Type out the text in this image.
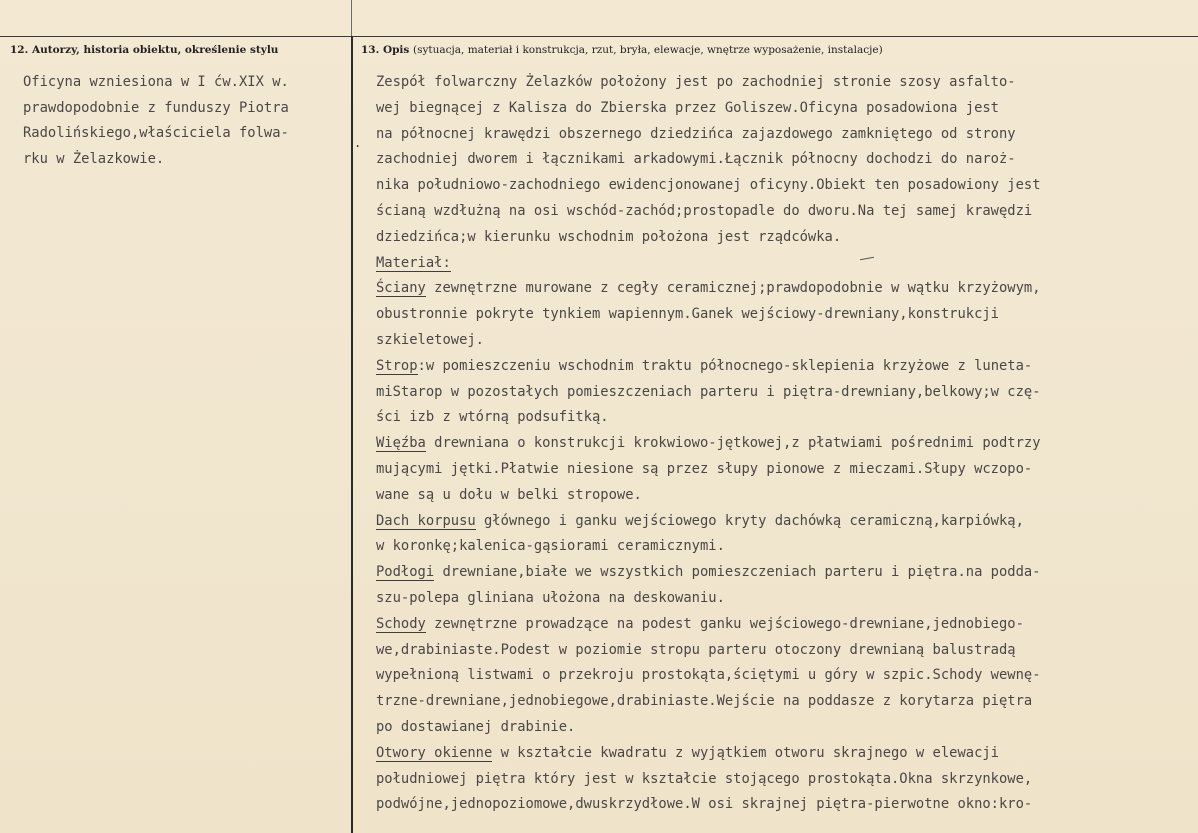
12. Autorzy, historia obiektu, określenie stylu	13. Opis (sytuacja, materiał i konstrukcja, rzut, bryła, elewacje, wnętrze wyposażenie, instalacje)
Oficyna wzniesiona w I ćw.XIX w.
prawdopodobnie z funduszy Piotra
Radolińskiego,właściciela folwa-
rku w Żelazkowie.
.
Zespół folwarczny Żelazków położony jest po zachodniej stronie szosy asfalto-
wej biegnącej z Kalisza do Zbierska przez Goliszew.Oficyna posadowiona jest
na północnej krawędzi obszernego dziedzińca zajazdowego zamkniętego od strony
zachodniej dworem i łącznikami arkadowymi.Łącznik północny dochodzi do naroż-
nika południowo-zachodniego ewidencjonowanej oficyny.Obiekt ten posadowiony jest
ścianą wzdłużną na osi wschód-zachód;prostopadle do dworu.Na tej samej krawędzi
dziedzińca;w kierunku wschodnim położona jest rządcówka.
Materiał:
Ściany zewnętrzne murowane z cegły ceramicznej;prawdopodobnie w wątku krzyżowym,
obustronnie pokryte tynkiem wapiennym.Ganek wejściowy-drewniany,konstrukcji
szkieletowej.
Strop:w pomieszczeniu wschodnim traktu północnego-sklepienia krzyżowe z luneta-
miStarop w pozostałych pomieszczeniach parteru i piętra-drewniany,belkowy;w czę-
ści izb z wtórną podsufitką.
Więźba drewniana o konstrukcji krokwiowo-jętkowej,z płatwiami pośrednimi podtrzy
mującymi jętki.Płatwie niesione są przez słupy pionowe z mieczami.Słupy wczopo-
wane są u dołu w belki stropowe.
Dach korpusu głównego i ganku wejściowego kryty dachówką ceramiczną,karpiówką,
w koronkę;kalenica-gąsiorami ceramicznymi.
Podłogi drewniane,białe we wszystkich pomieszczeniach parteru i piętra.na podda-
szu-polepa gliniana ułożona na deskowaniu.
Schody zewnętrzne prowadzące na podest ganku wejściowego-drewniane,jednobiego-
we,drabiniaste.Podest w poziomie stropu parteru otoczony drewnianą balustradą
wypełnioną listwami o przekroju prostokąta,ściętymi u góry w szpic.Schody wewnę-
trzne-drewniane,jednobiegowe,drabiniaste.Wejście na poddasze z korytarza piętra
po dostawianej drabinie.
Otwory okienne w kształcie kwadratu z wyjątkiem otworu skrajnego w elewacji
południowej piętra który jest w kształcie stojącego prostokąta.Okna skrzynkowe,
podwójne,jednopoziomowe,dwuskrzydłowe.W osi skrajnej piętra-pierwotne okno:kro-
